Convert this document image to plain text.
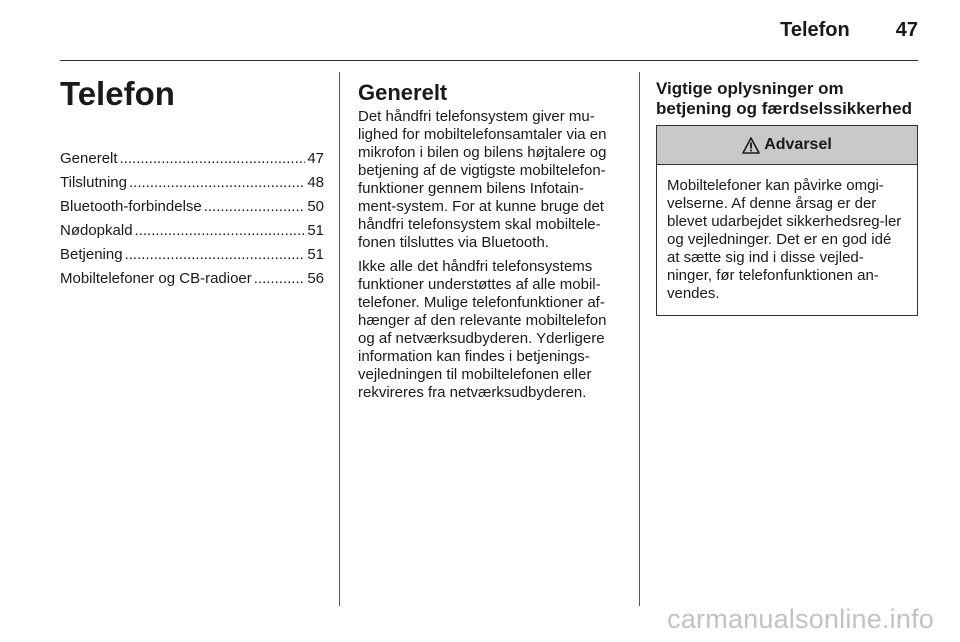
Telefon 47
Telefon
Generelt .....	47
Tilslutning .....	48
Bluetooth-forbindelse .....	50
Nødopkald .....	51
Betjening .....	51
Mobiltelefoner og CB-radioer .....	56
Generelt

Det håndfri telefonsystem giver mu-lighed for mobiltelefonsamtaler via en mikrofon i bilen og bilens højtalere og betjening af de vigtigste mobiltelefon-funktioner gennem bilens Infotain-ment-system. For at kunne bruge det håndfri telefonsystem skal mobiltele-fonen tilsluttes via Bluetooth.

Ikke alle det håndfri telefonsystems funktioner understøttes af alle mobil-telefoner. Mulige telefonfunktioner af-hænger af den relevante mobiltelefon og af netværksudbyderen. Yderligere information kan findes i betjenings-vejledningen til mobiltelefonen eller rekvireres fra netværksudbyderen.

Vigtige oplysninger om betjening og færdselssikkerhed
Advarsel

Mobiltelefoner kan påvirke omgi-velserne. Af denne årsag er der blevet udarbejdet sikkerhedsreg-ler og vejledninger. Det er en god idé at sætte sig ind i disse vejled-ninger, før telefonfunktionen an-vendes.

carmanualsonline.info
